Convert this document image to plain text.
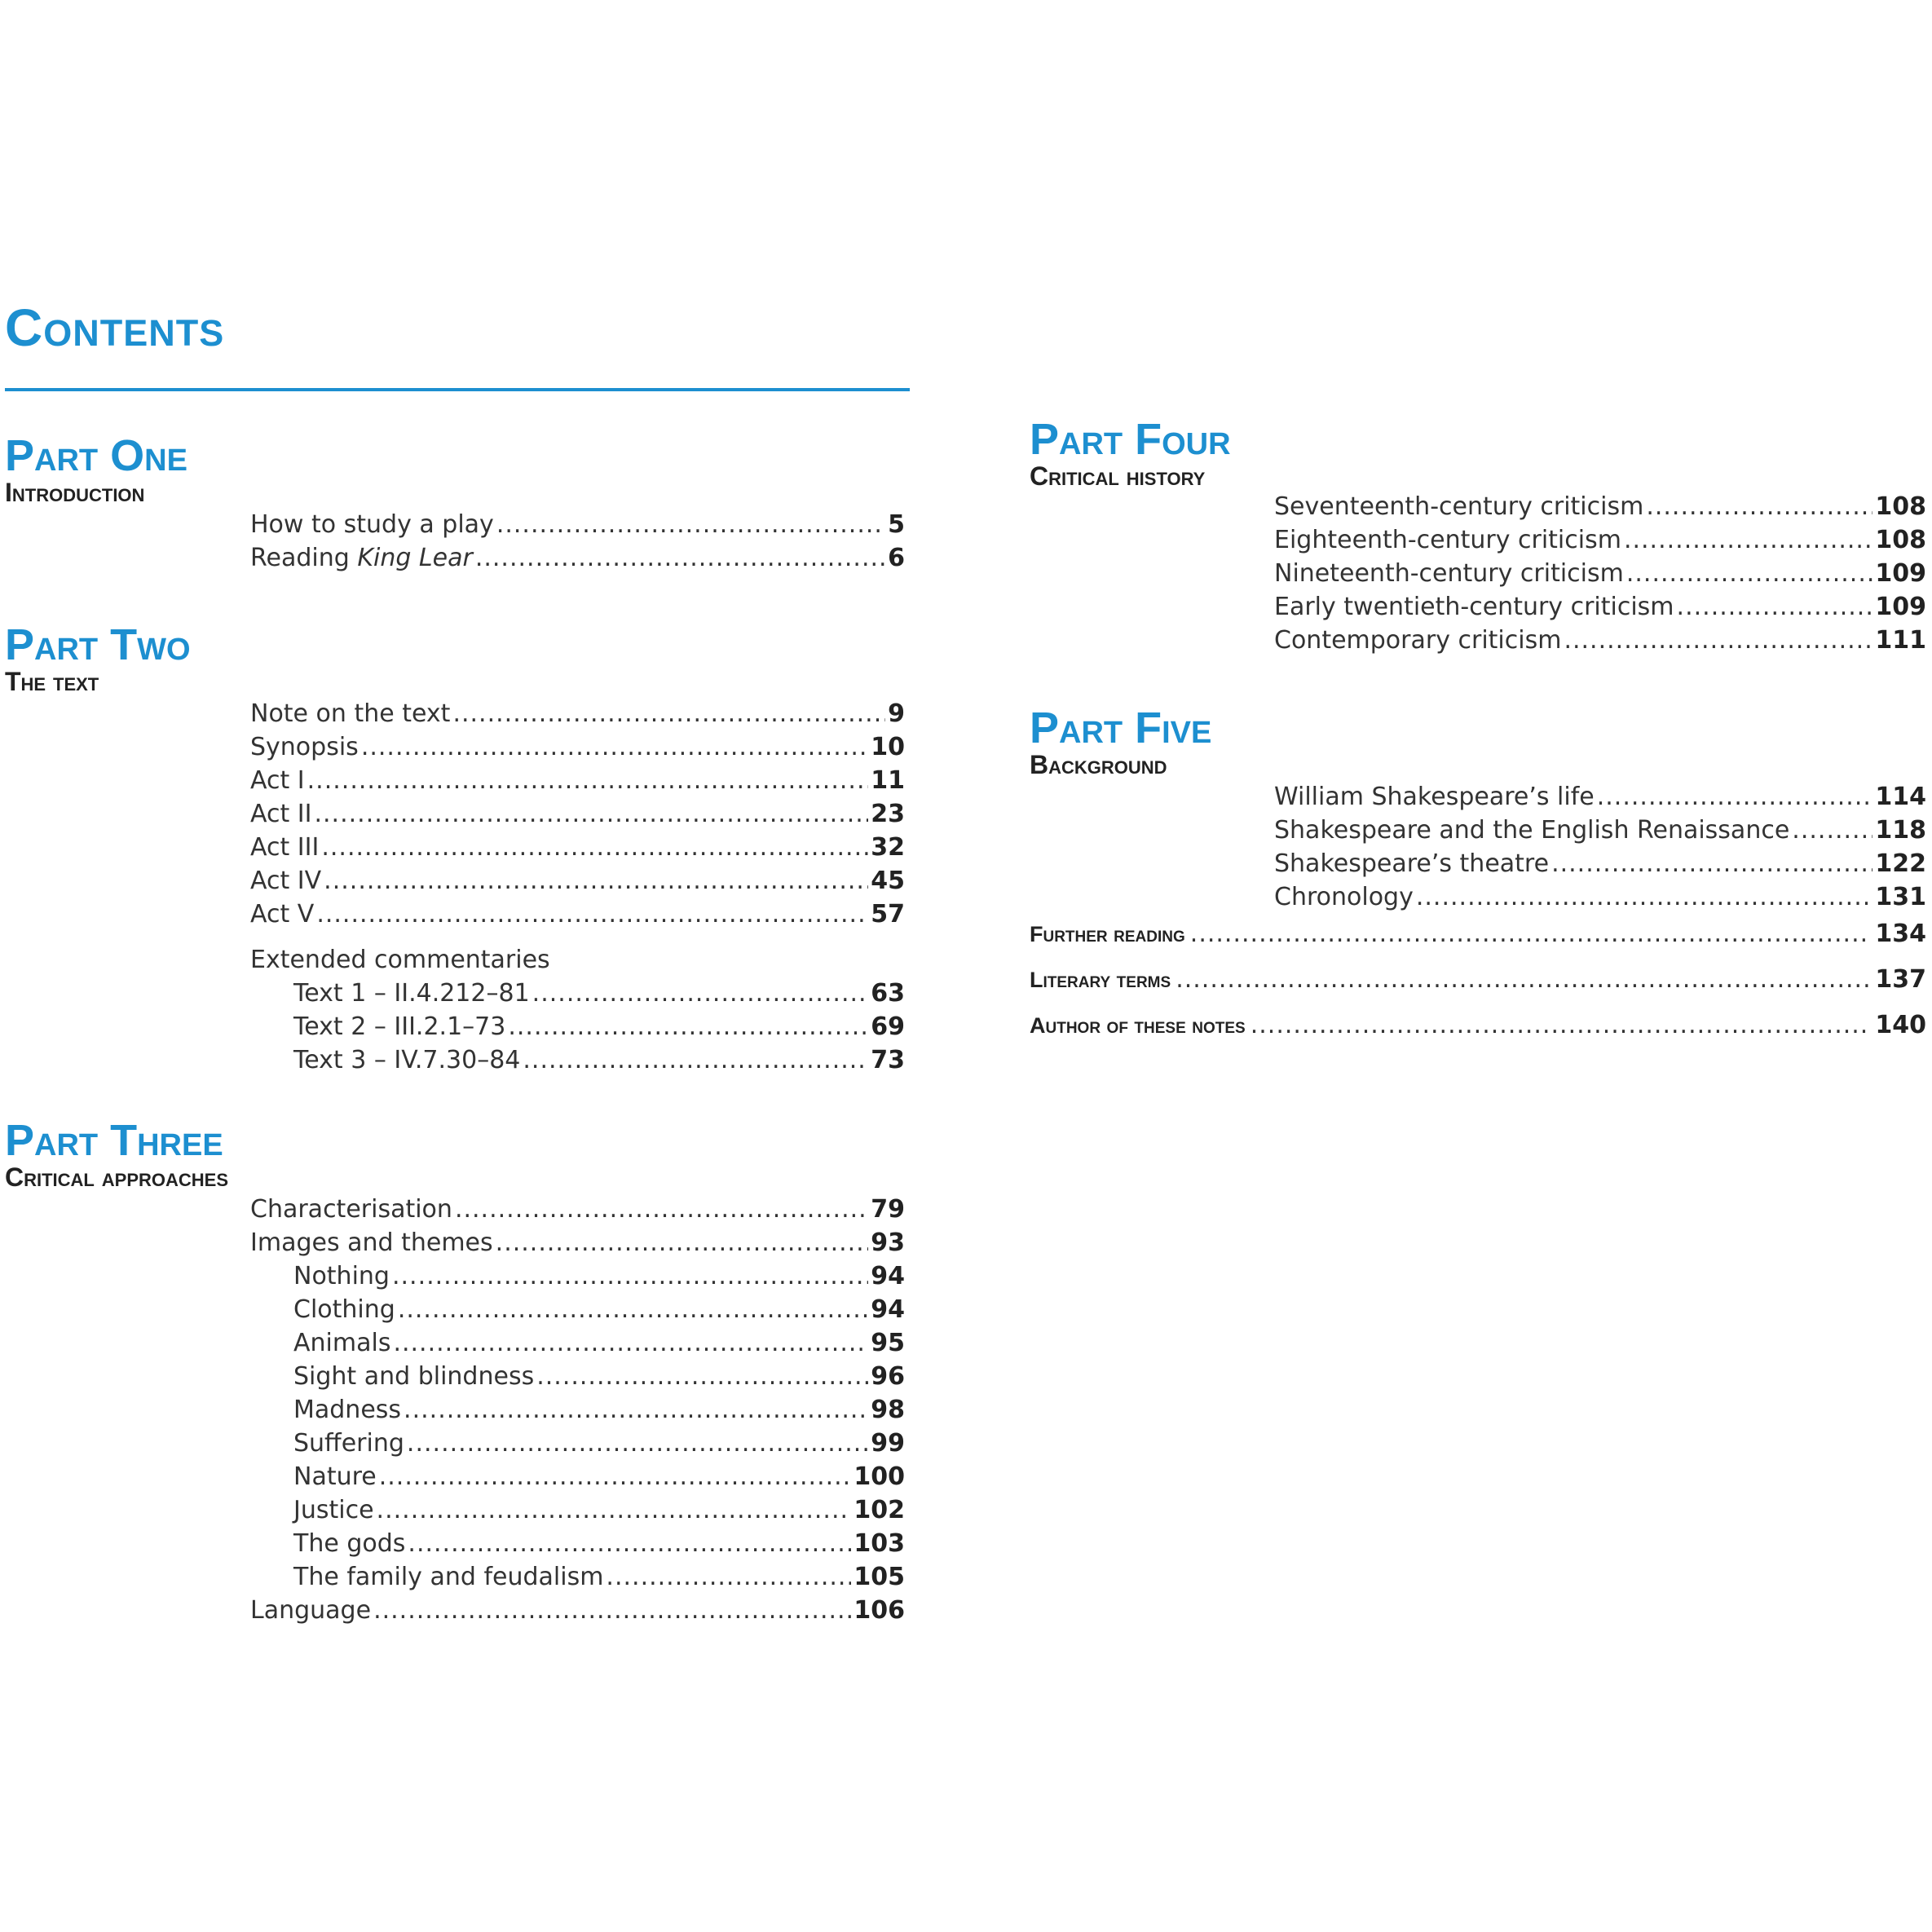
Contents
Part One
Introduction
How to study a play .....	5
Reading King Lear .....	6
Part Two
The text
Note on the text .....	9
Synopsis .....	10
Act I .....	11
Act II .....	23
Act III .....	32
Act IV .....	45
Act V .....	57
Extended commentaries
Text 1 – II.4.212–81 .....	63
Text 2 – III.2.1–73 .....	69
Text 3 – IV.7.30–84 .....	73
Part Three
Critical approaches
Characterisation .....	79
Images and themes .....	93
Nothing .....	94
Clothing .....	94
Animals .....	95
Sight and blindness .....	96
Madness .....	98
Suffering .....	99
Nature .....	100
Justice .....	102
The gods .....	103
The family and feudalism .....	105
Language .....	106
Part Four
Critical history
Seventeenth-century criticism .....	108
Eighteenth-century criticism .....	108
Nineteenth-century criticism .....	109
Early twentieth-century criticism .....	109
Contemporary criticism .....	111
Part Five
Background
William Shakespeare’s life .....	114
Shakespeare and the English Renaissance .....	118
Shakespeare’s theatre .....	122
Chronology .....	131
Further reading .....	134
Literary terms .....	137
Author of these notes .....	140
